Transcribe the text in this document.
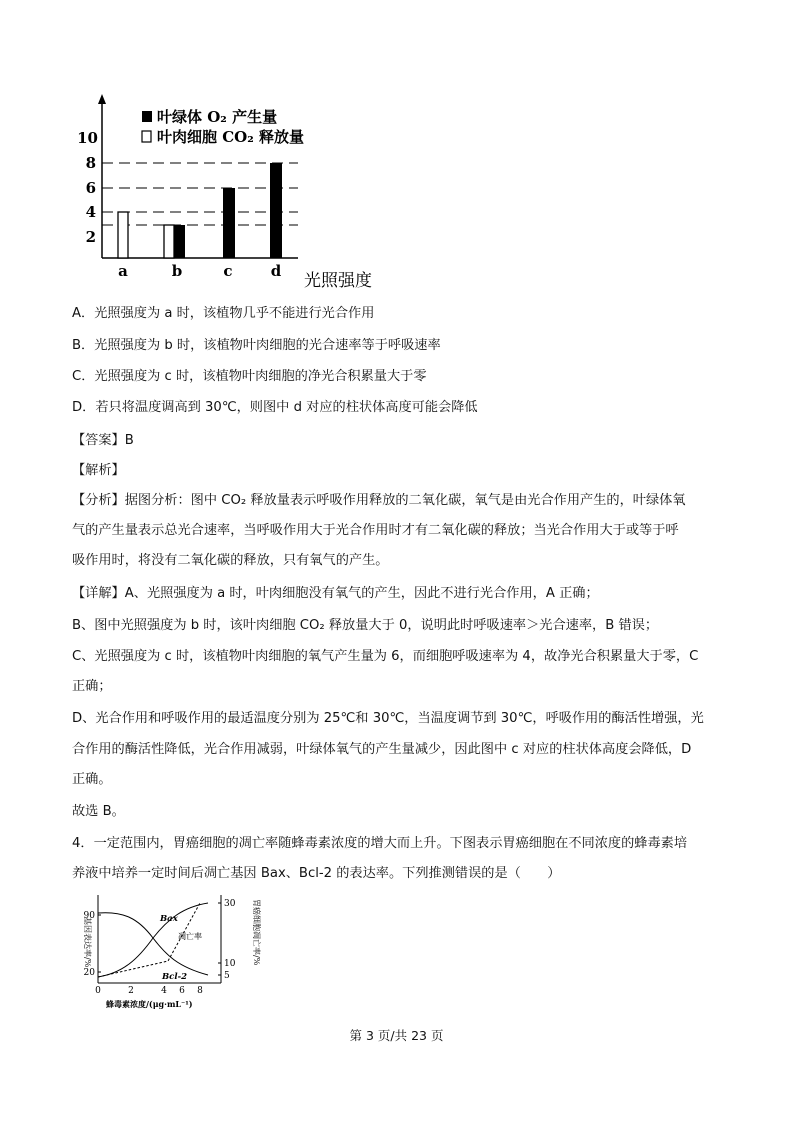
10
8
6
4
2
a	b	c	d 光照强度
叶绿体 O₂ 产生量
叶肉细胞 CO₂ 释放量
A．光照强度为 a 时，该植物几乎不能进行光合作用
B．光照强度为 b 时，该植物叶肉细胞的光合速率等于呼吸速率
C．光照强度为 c 时，该植物叶肉细胞的净光合积累量大于零
D．若只将温度调高到 30℃，则图中 d 对应的柱状体高度可能会降低
【答案】B
【解析】
【分析】据图分析：图中 CO₂ 释放量表示呼吸作用释放的二氧化碳，氧气是由光合作用产生的，叶绿体氧
气的产生量表示总光合速率，当呼吸作用大于光合作用时才有二氧化碳的释放；当光合作用大于或等于呼
吸作用时，将没有二氧化碳的释放，只有氧气的产生。
【详解】A、光照强度为 a 时，叶肉细胞没有氧气的产生，因此不进行光合作用，A 正确；
B、图中光照强度为 b 时，该叶肉细胞 CO₂ 释放量大于 0，说明此时呼吸速率＞光合速率，B 错误；
C、光照强度为 c 时，该植物叶肉细胞的氧气产生量为 6，而细胞呼吸速率为 4，故净光合积累量大于零，C
正确；
D、光合作用和呼吸作用的最适温度分别为 25℃和 30℃，当温度调节到 30℃，呼吸作用的酶活性增强，光
合作用的酶活性降低，光合作用减弱，叶绿体氧气的产生量减少，因此图中 c 对应的柱状体高度会降低，D
正确。
故选 B。
4．一定范围内，胃癌细胞的凋亡率随蜂毒素浓度的增大而上升。下图表示胃癌细胞在不同浓度的蜂毒素培
养液中培养一定时间后凋亡基因 Bax、Bcl-2 的表达率。下列推测错误的是（　　）
基因表达率/%	胃癌细胞凋亡率/%
90
20
30
10
5
0	2	4 6 8
蜂毒素浓度/(μg·mL⁻¹)
Bax
凋亡率
Bcl-2
第 3 页/共 23 页
